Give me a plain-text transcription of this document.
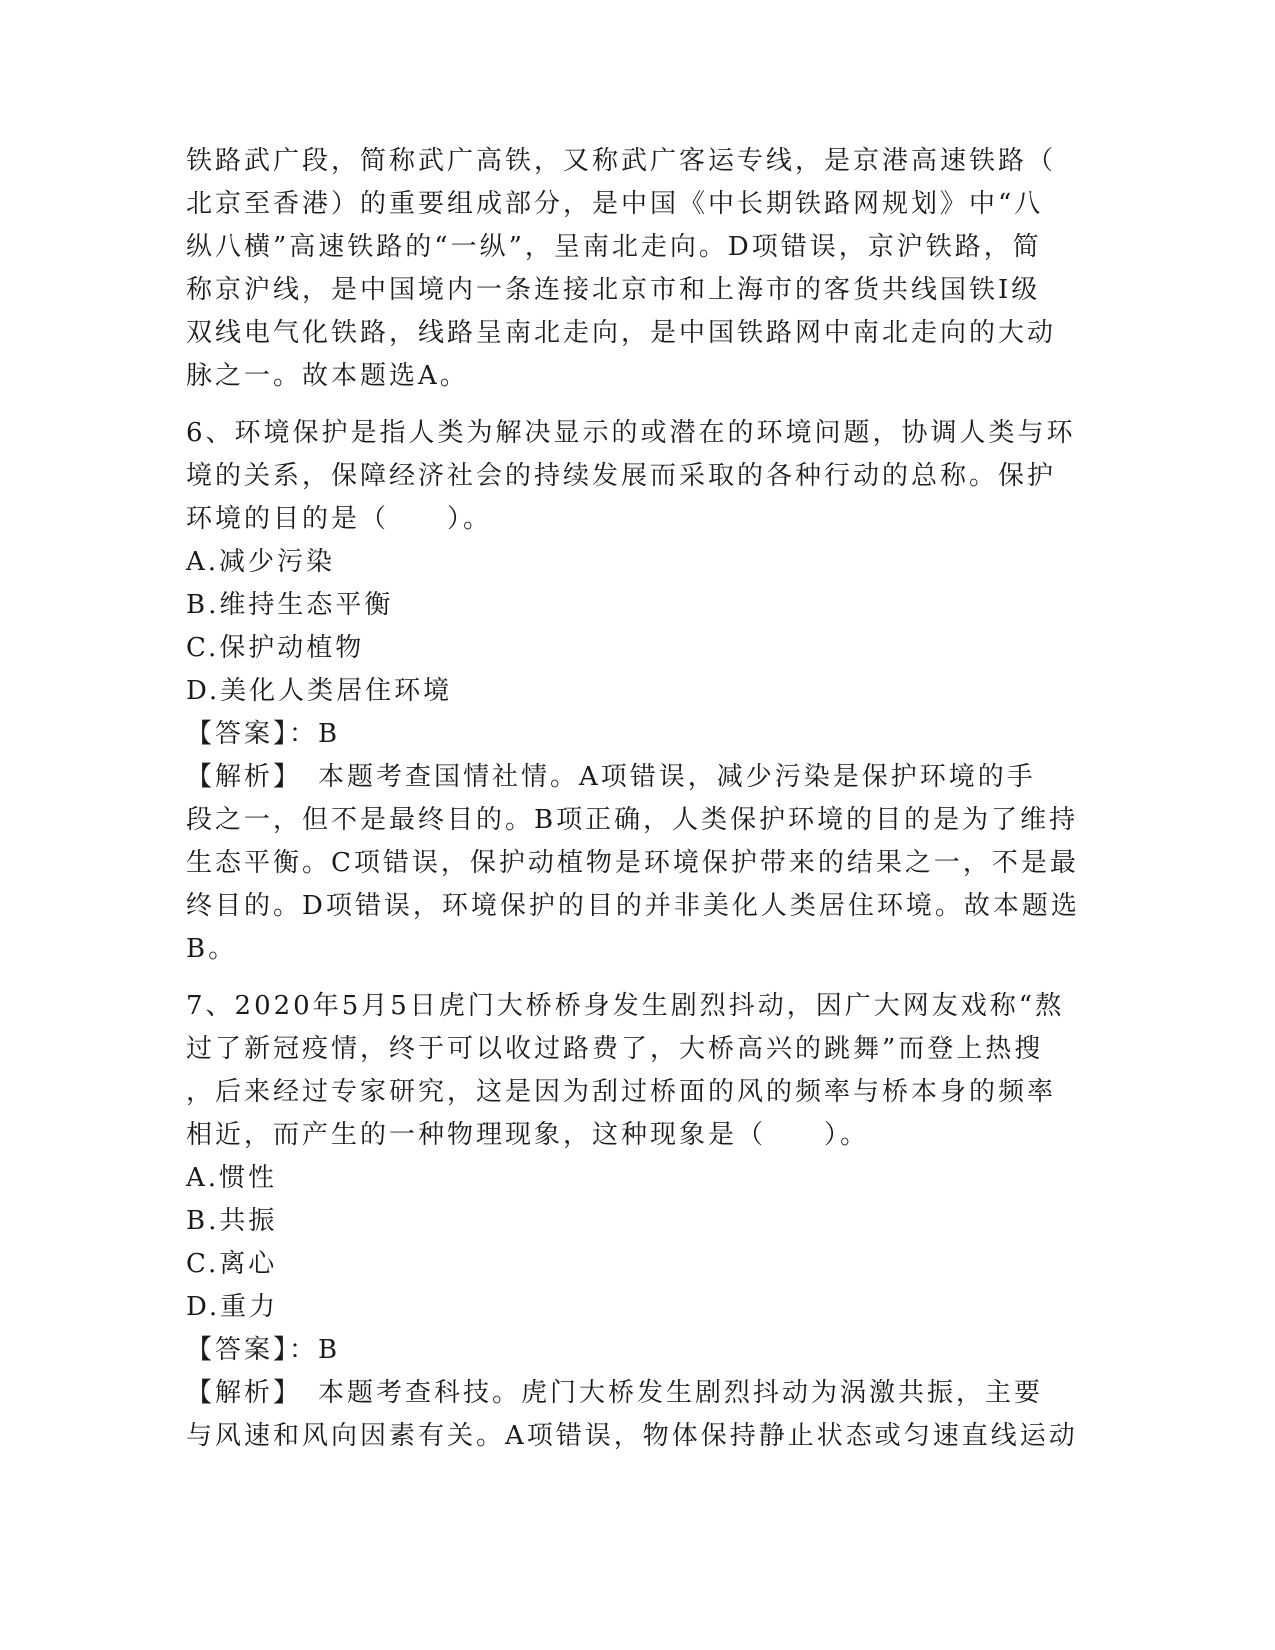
铁路武广段，简称武广高铁，又称武广客运专线，是京港高速铁路（
北京至香港）的重要组成部分，是中国《中长期铁路网规划》中“八
纵八横”高速铁路的“一纵”，呈南北走向。D项错误，京沪铁路，简
称京沪线，是中国境内一条连接北京市和上海市的客货共线国铁Ⅰ级
双线电气化铁路，线路呈南北走向，是中国铁路网中南北走向的大动
脉之一。故本题选A。
6、环境保护是指人类为解决显示的或潜在的环境问题，协调人类与环
境的关系，保障经济社会的持续发展而采取的各种行动的总称。保护
环境的目的是（　　）。
A.减少污染
B.维持生态平衡
C.保护动植物
D.美化人类居住环境
【答案】：B
【解析】　本题考查国情社情。A项错误，减少污染是保护环境的手
段之一，但不是最终目的。B项正确，人类保护环境的目的是为了维持
生态平衡。C项错误，保护动植物是环境保护带来的结果之一，不是最
终目的。D项错误，环境保护的目的并非美化人类居住环境。故本题选
B。
7、2020年5月5日虎门大桥桥身发生剧烈抖动，因广大网友戏称“熬
过了新冠疫情，终于可以收过路费了，大桥高兴的跳舞”而登上热搜
，后来经过专家研究，这是因为刮过桥面的风的频率与桥本身的频率
相近，而产生的一种物理现象，这种现象是（　　）。
A.惯性
B.共振
C.离心
D.重力
【答案】：B
【解析】　本题考查科技。虎门大桥发生剧烈抖动为涡激共振，主要
与风速和风向因素有关。A项错误，物体保持静止状态或匀速直线运动
